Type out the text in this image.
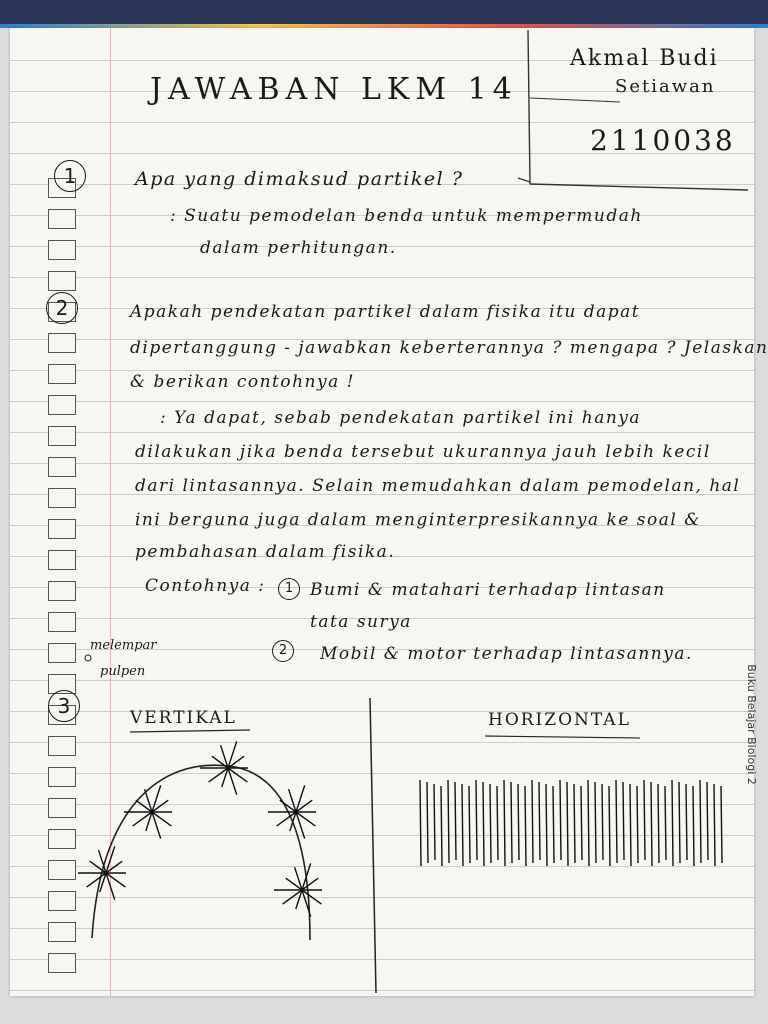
JAWABAN LKM 14
Akmal Budi
Setiawan
2110038
1	Apa yang dimaksud partikel ?
: Suatu pemodelan benda untuk mempermudah
dalam perhitungan.
2	Apakah pendekatan partikel dalam fisika itu dapat
dipertanggung - jawabkan keberterannya ? mengapa ? Jelaskan
& berikan contohnya !
: Ya dapat, sebab pendekatan partikel ini hanya
dilakukan jika benda tersebut ukurannya jauh lebih kecil
dari lintasannya. Selain memudahkan dalam pemodelan, hal
ini berguna juga dalam menginterpresikannya ke soal &
pembahasan dalam fisika.
Contohnya :	1 Bumi & matahari terhadap lintasan
tata surya
2	Mobil & motor terhadap lintasannya.
melempar
pulpen
3	VERTIKAL	HORIZONTAL	Buku Belajar Biologi 2
